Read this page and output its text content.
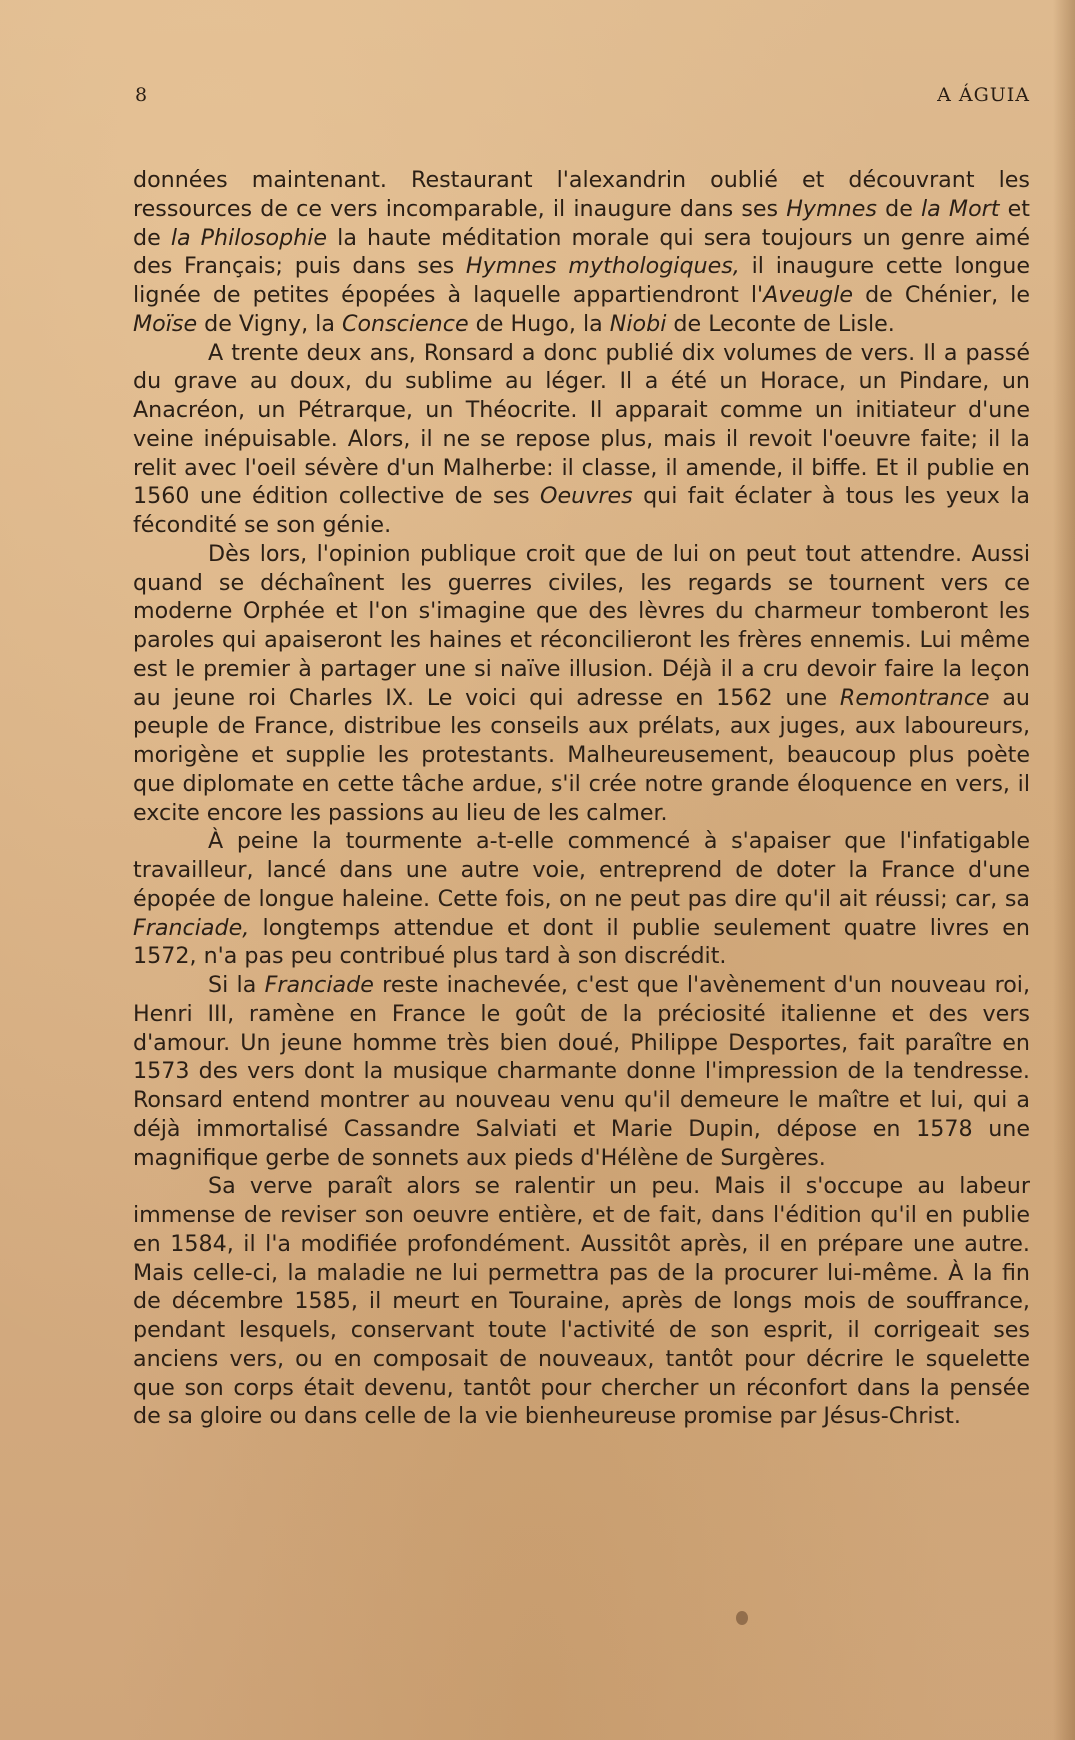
8	A ÁGUIA

données maintenant. Restaurant l'alexandrin oublié et découvrant les ressources de ce vers incomparable, il inaugure dans ses Hymnes de la Mort et de la Philosophie la haute méditation morale qui sera toujours un genre aimé des Français; puis dans ses Hymnes mythologiques, il inaugure cette longue lignée de petites épopées à laquelle appartiendront l'Aveugle de Chénier, le Moïse de Vigny, la Conscience de Hugo, la Niobi de Leconte de Lisle.

A trente deux ans, Ronsard a donc publié dix volumes de vers. Il a passé du grave au doux, du sublime au léger. Il a été un Horace, un Pindare, un Anacréon, un Pétrarque, un Théocrite. Il apparait comme un initiateur d'une veine inépuisable. Alors, il ne se repose plus, mais il revoit l'oeuvre faite; il la relit avec l'oeil sévère d'un Malherbe: il classe, il amende, il biffe. Et il publie en 1560 une édition collective de ses Oeuvres qui fait éclater à tous les yeux la fécondité se son génie.

Dès lors, l'opinion publique croit que de lui on peut tout attendre. Aussi quand se déchaînent les guerres civiles, les regards se tournent vers ce moderne Orphée et l'on s'imagine que des lèvres du charmeur tomberont les paroles qui apaiseront les haines et réconcilieront les frères ennemis. Lui même est le premier à partager une si naïve illusion. Déjà il a cru devoir faire la leçon au jeune roi Charles IX. Le voici qui adresse en 1562 une Remontrance au peuple de France, distribue les conseils aux prélats, aux juges, aux laboureurs, morigène et supplie les protestants. Malheureusement, beaucoup plus poète que diplomate en cette tâche ardue, s'il crée notre grande éloquence en vers, il excite encore les passions au lieu de les calmer.

À peine la tourmente a-t-elle commencé à s'apaiser que l'infatigable travailleur, lancé dans une autre voie, entreprend de doter la France d'une épopée de longue haleine. Cette fois, on ne peut pas dire qu'il ait réussi; car, sa Franciade, longtemps attendue et dont il publie seulement quatre livres en 1572, n'a pas peu contribué plus tard à son discrédit.

Si la Franciade reste inachevée, c'est que l'avènement d'un nouveau roi, Henri III, ramène en France le goût de la préciosité italienne et des vers d'amour. Un jeune homme très bien doué, Philippe Desportes, fait paraître en 1573 des vers dont la musique charmante donne l'impression de la tendresse. Ronsard entend montrer au nouveau venu qu'il demeure le maître et lui, qui a déjà immortalisé Cassandre Salviati et Marie Dupin, dépose en 1578 une magnifique gerbe de sonnets aux pieds d'Hélène de Surgères.

Sa verve paraît alors se ralentir un peu. Mais il s'occupe au labeur immense de reviser son oeuvre entière, et de fait, dans l'édition qu'il en publie en 1584, il l'a modifiée profondément. Aussitôt après, il en prépare une autre. Mais celle-ci, la maladie ne lui permettra pas de la procurer lui-même. À la fin de décembre 1585, il meurt en Touraine, après de longs mois de souffrance, pendant lesquels, conservant toute l'activité de son esprit, il corrigeait ses anciens vers, ou en composait de nouveaux, tantôt pour décrire le squelette que son corps était devenu, tantôt pour chercher un réconfort dans la pensée de sa gloire ou dans celle de la vie bienheureuse promise par Jésus-Christ.
